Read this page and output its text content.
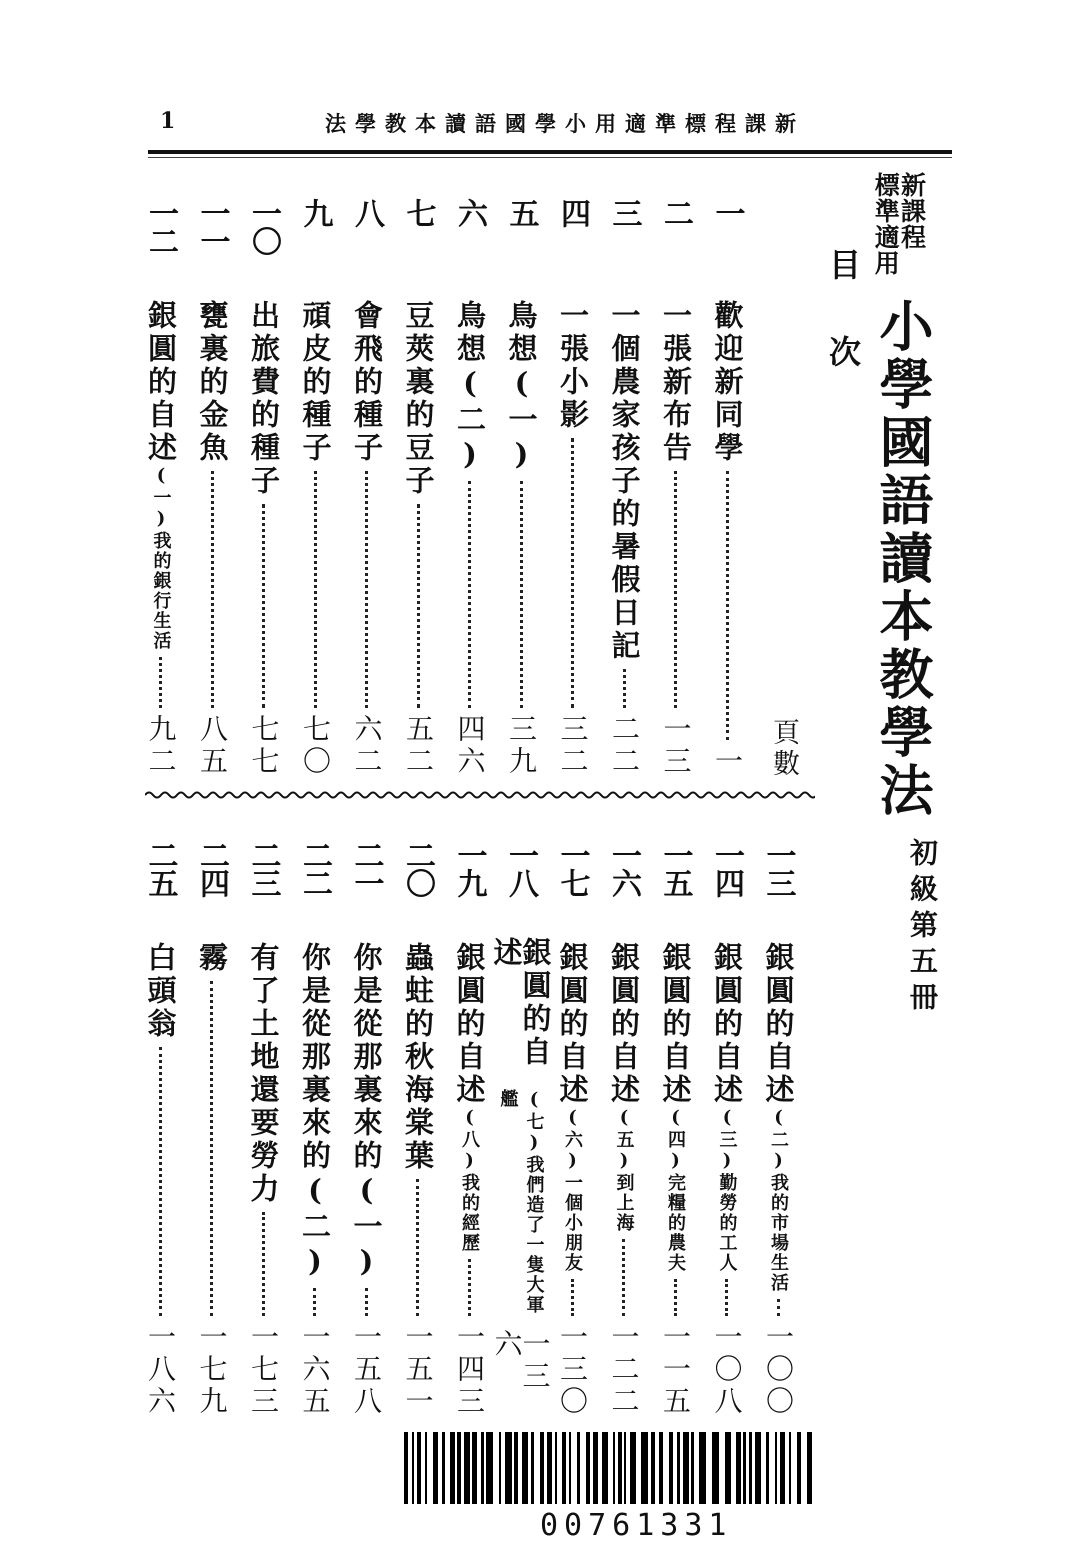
1	新課程標準適用小學國語讀本教學法
新課程
標準適用
小學國語讀本教學法
初級第五冊
目次
頁數
一
歡迎新同學
一
二
一張新布告
一三
三
一個農家孩子的暑假日記
二二
四
一張小影
三二
五
鳥想(一)
三九
六
鳥想(二)
四六
七
豆莢裏的豆子
五二
八
會飛的種子
六二
九
頑皮的種子
七〇
一〇
出旅費的種子
七七
一一
甕裏的金魚
八五
一二
銀圓的自述
(一)我的銀行生活
九二
一三
銀圓的自述
(二)我的市場生活
一〇〇
一四
銀圓的自述
(三)勤勞的工人
一〇八
一五
銀圓的自述
(四)完糧的農夫
一一五
一六
銀圓的自述
(五)到上海
一二二
一七
銀圓的自述
(六)一個小朋友
一三〇
一八
銀圓的自述
(七)我們造了一隻大軍艦
一三六
一九
銀圓的自述
(八)我的經歷
一四三
二〇
蟲蛀的秋海棠葉
一五一
二一
你是從那裏來的(一)
一五八
二二
你是從那裏來的(二)
一六五
二三
有了土地還要勞力
一七三
二四
霧
一七九
二五
白頭翁
一八六
00761331
